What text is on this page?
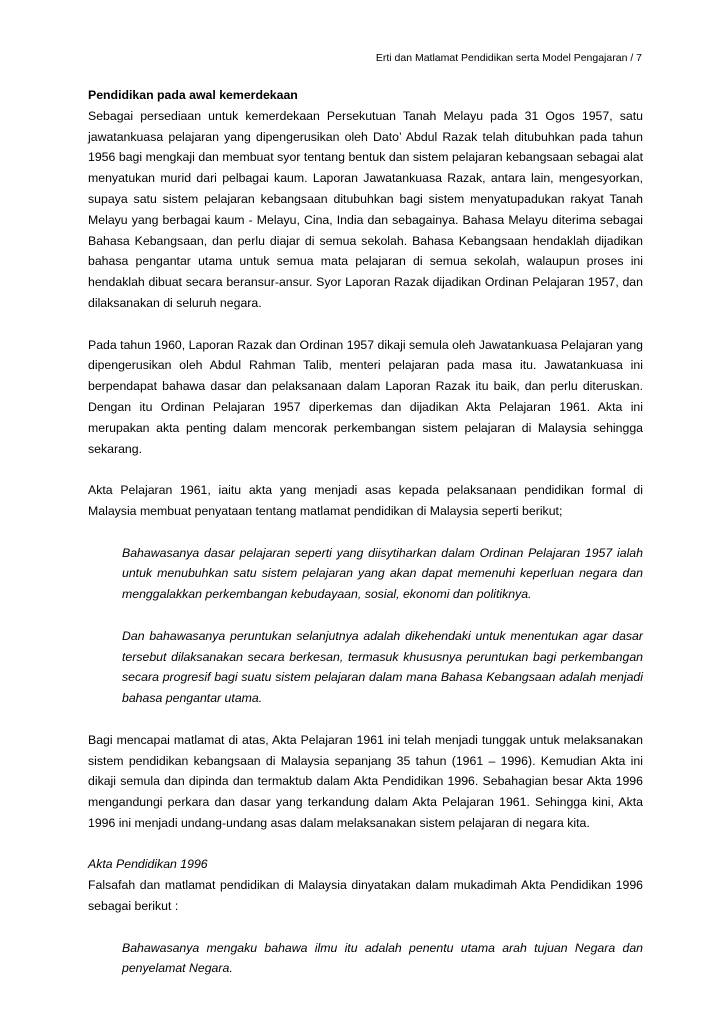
Erti dan Matlamat Pendidikan serta Model Pengajaran / 7

Pendidikan pada awal kemerdekaan

Sebagai persediaan untuk kemerdekaan Persekutuan Tanah Melayu pada 31 Ogos 1957, satu jawatankuasa pelajaran yang dipengerusikan oleh Dato’ Abdul Razak telah ditubuhkan pada tahun 1956 bagi mengkaji dan membuat syor tentang bentuk dan sistem pelajaran kebangsaan sebagai alat menyatukan murid dari pelbagai kaum. Laporan Jawatankuasa Razak, antara lain, mengesyorkan, supaya satu sistem pelajaran kebangsaan ditubuhkan bagi sistem menyatupadukan rakyat Tanah Melayu yang berbagai kaum - Melayu, Cina, India dan sebagainya. Bahasa Melayu diterima sebagai Bahasa Kebangsaan, dan perlu diajar di semua sekolah. Bahasa Kebangsaan hendaklah dijadikan bahasa pengantar utama untuk semua mata pelajaran di semua sekolah, walaupun proses ini hendaklah dibuat secara beransur-ansur. Syor Laporan Razak dijadikan Ordinan Pelajaran 1957, dan dilaksanakan di seluruh negara.

Pada tahun 1960, Laporan Razak dan Ordinan 1957 dikaji semula oleh Jawatankuasa Pelajaran yang dipengerusikan oleh Abdul Rahman Talib, menteri pelajaran pada masa itu. Jawatankuasa ini berpendapat bahawa dasar dan pelaksanaan dalam Laporan Razak itu baik, dan perlu diteruskan. Dengan itu Ordinan Pelajaran 1957 diperkemas dan dijadikan Akta Pelajaran 1961. Akta ini merupakan akta penting dalam mencorak perkembangan sistem pelajaran di Malaysia sehingga sekarang.

Akta Pelajaran 1961, iaitu akta yang menjadi asas kepada pelaksanaan pendidikan formal di Malaysia membuat penyataan tentang matlamat pendidikan di Malaysia seperti berikut;

Bahawasanya dasar pelajaran seperti yang diisytiharkan dalam Ordinan Pelajaran 1957 ialah untuk menubuhkan satu sistem pelajaran yang akan dapat memenuhi keperluan negara dan menggalakkan perkembangan kebudayaan, sosial, ekonomi dan politiknya.

Dan bahawasanya peruntukan selanjutnya adalah dikehendaki untuk menentukan agar dasar tersebut dilaksanakan secara berkesan, termasuk khususnya peruntukan bagi perkembangan secara progresif bagi suatu sistem pelajaran dalam mana Bahasa Kebangsaan adalah menjadi bahasa pengantar utama.

Bagi mencapai matlamat di atas, Akta Pelajaran 1961 ini telah menjadi tunggak untuk melaksanakan sistem pendidikan kebangsaan di Malaysia sepanjang 35 tahun (1961 – 1996). Kemudian Akta ini dikaji semula dan dipinda dan termaktub dalam Akta Pendidikan 1996. Sebahagian besar Akta 1996 mengandungi perkara dan dasar yang terkandung dalam Akta Pelajaran 1961. Sehingga kini, Akta 1996 ini menjadi undang-undang asas dalam melaksanakan sistem pelajaran di negara kita.

Akta Pendidikan 1996

Falsafah dan matlamat pendidikan di Malaysia dinyatakan dalam mukadimah Akta Pendidikan 1996 sebagai berikut :

Bahawasanya mengaku bahawa ilmu itu adalah penentu utama arah tujuan Negara dan penyelamat Negara.
